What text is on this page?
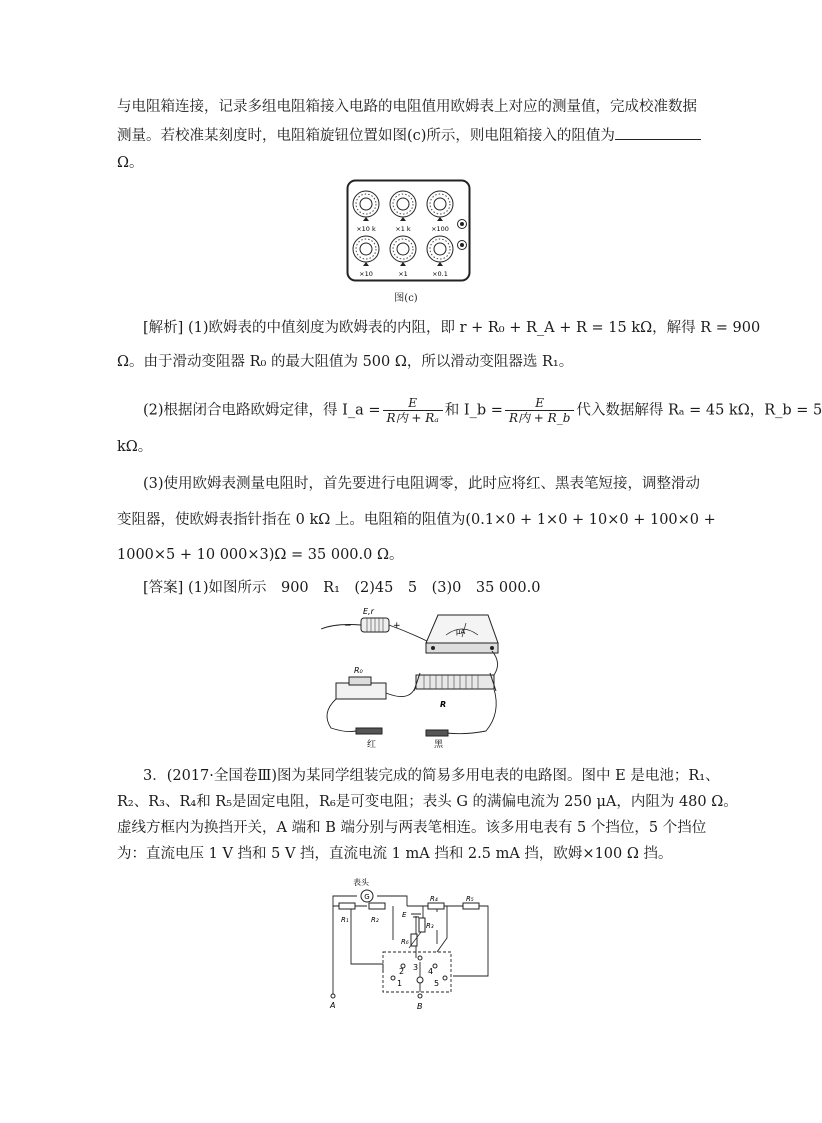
与电阻箱连接，记录多组电阻箱接入电路的电阻值用欧姆表上对应的测量值，完成校准数据
测量。若校准某刻度时，电阻箱旋钮位置如图(c)所示，则电阻箱接入的阻值为
Ω。
×10 k	×1 k	×100
×10	×1	×0.1
图(c)
[解析] (1)欧姆表的中值刻度为欧姆表的内阻，即 r + R₀ + R_A + R = 15 kΩ，解得 R = 900
Ω。由于滑动变阻器 R₀ 的最大阻值为 500 Ω，所以滑动变阻器选 R₁。
(2)根据闭合电路欧姆定律，得 I_a = $\frac{E}{\text{R内 + Rₐ}}$ 和 I_b = $\frac{E}{\text{R内 + R\_b}}$ 代入数据解得 Rₐ = 45 kΩ，R_b = 5
kΩ。
(3)使用欧姆表测量电阻时，首先要进行电阻调零，此时应将红、黑表笔短接，调整滑动
变阻器，使欧姆表指针指在 0 kΩ 上。电阻箱的阻值为(0.1×0 + 1×0 + 10×0 + 100×0 +
1000×5 + 10 000×3)Ω = 35 000.0 Ω。
[答案] (1)如图所示　900　R₁　(2)45　5　(3)0　35 000.0
E,r
−	+
μA
R₀
R
红	黑
3．(2017·全国卷Ⅲ)图为某同学组装完成的简易多用电表的电路图。图中 E 是电池；R₁、
R₂、R₃、R₄和 R₅是固定电阻，R₆是可变电阻；表头 G 的满偏电流为 250 μA，内阻为 480 Ω。
虚线方框内为换挡开关，A 端和 B 端分别与两表笔相连。该多用电表有 5 个挡位，5 个挡位
为：直流电压 1 V 挡和 5 V 挡，直流电流 1 mA 挡和 2.5 mA 挡，欧姆×100 Ω 挡。
G
表头
R₁	R₂
R₄	R₅
R₃
R₆
E
1
2 3 4
5
A	B
